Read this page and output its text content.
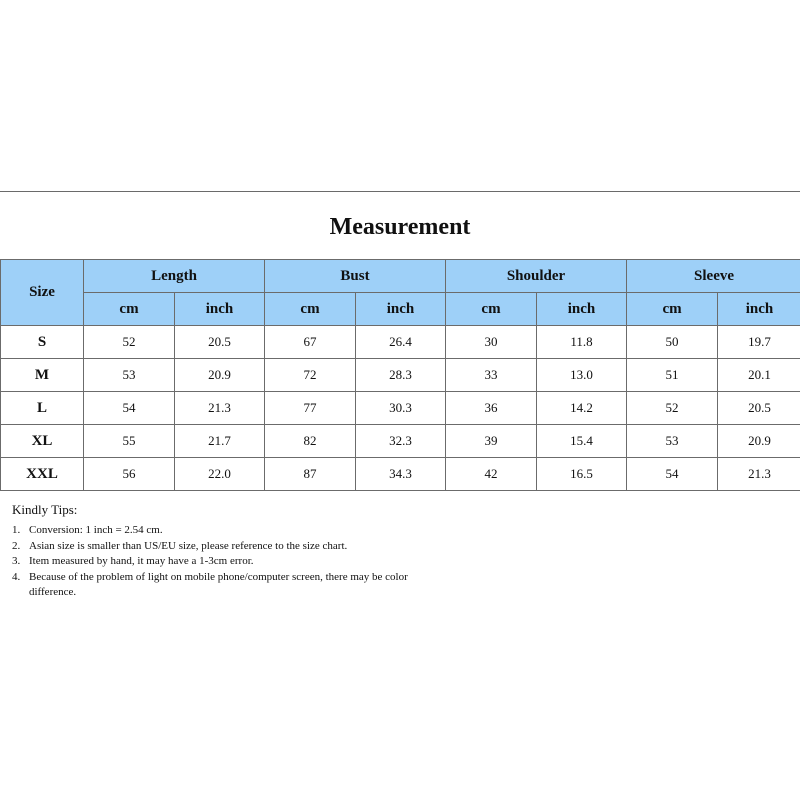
Measurement
Size	Length		Bust		Shoulder		Sleeve	
	cm	inch	cm	inch	cm	inch	cm	inch
S	52	20.5	67	26.4	30	11.8	50	19.7
M	53	20.9	72	28.3	33	13.0	51	20.1
L	54	21.3	77	30.3	36	14.2	52	20.5
XL	55	21.7	82	32.3	39	15.4	53	20.9
XXL	56	22.0	87	34.3	42	16.5	54	21.3
Kindly Tips:
1. Conversion: 1 inch = 2.54 cm.
2. Asian size is smaller than US/EU size, please reference to the size chart.
3. Item measured by hand, it may have a 1-3cm error.
4. Because of the problem of light on mobile phone/computer screen, there may be color difference.
